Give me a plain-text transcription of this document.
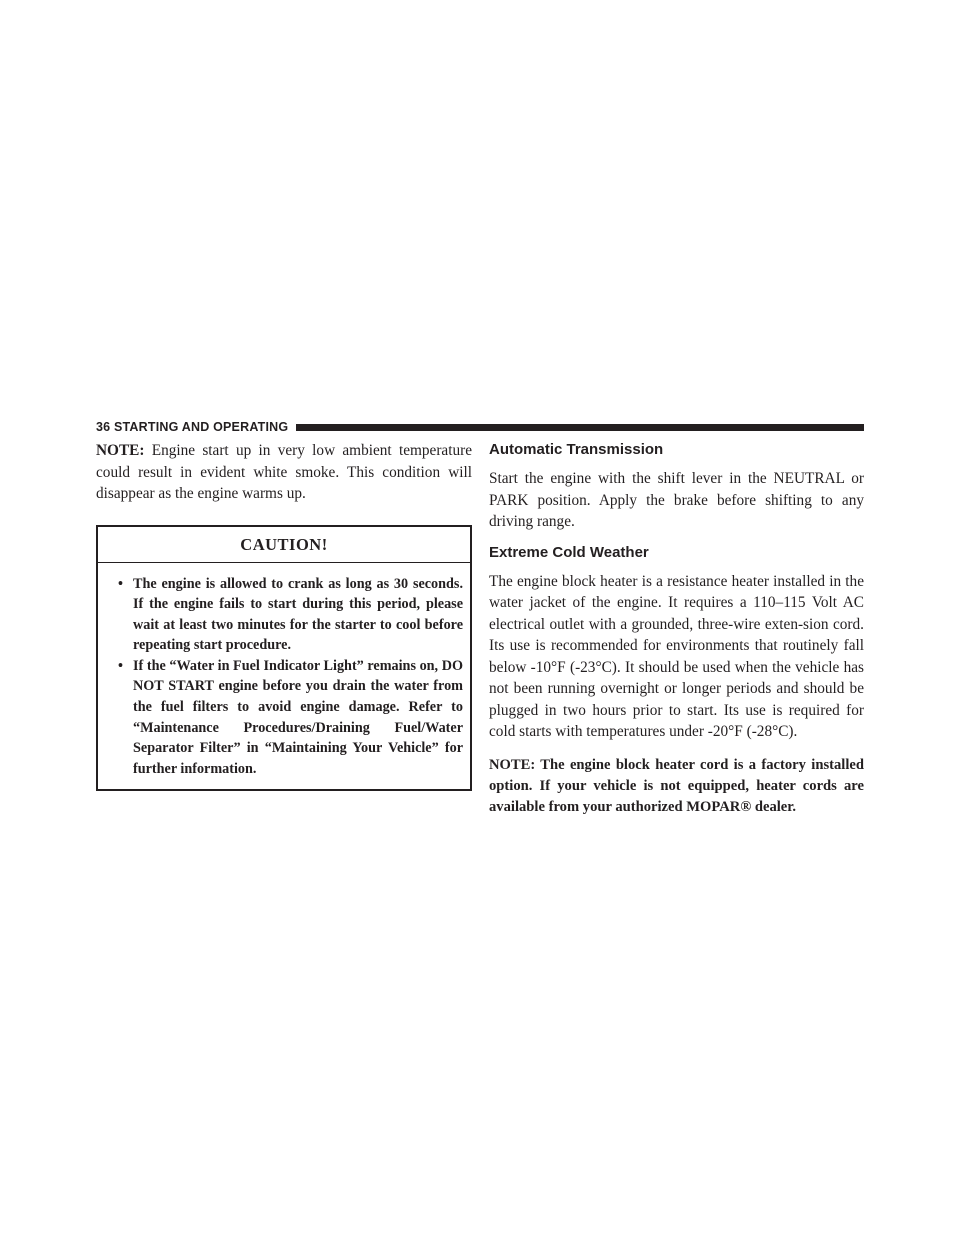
36 STARTING AND OPERATING

NOTE: Engine start up in very low ambient temperature could result in evident white smoke. This condition will disappear as the engine warms up.

CAUTION!
• The engine is allowed to crank as long as 30 seconds. If the engine fails to start during this period, please wait at least two minutes for the starter to cool before repeating start procedure.
• If the “Water in Fuel Indicator Light” remains on, DO NOT START engine before you drain the water from the fuel filters to avoid engine damage. Refer to “Maintenance Procedures/Draining Fuel/Water Separator Filter” in “Maintaining Your Vehicle” for further information.
Automatic Transmission

Start the engine with the shift lever in the NEUTRAL or PARK position. Apply the brake before shifting to any driving range.

Extreme Cold Weather

The engine block heater is a resistance heater installed in the water jacket of the engine. It requires a 110–115 Volt AC electrical outlet with a grounded, three-wire exten-sion cord. Its use is recommended for environments that routinely fall below -10°F (-23°C). It should be used when the vehicle has not been running overnight or longer periods and should be plugged in two hours prior to start. Its use is required for cold starts with temperatures under -20°F (-28°C).

NOTE: The engine block heater cord is a factory installed option. If your vehicle is not equipped, heater cords are available from your authorized MOPAR® dealer.
